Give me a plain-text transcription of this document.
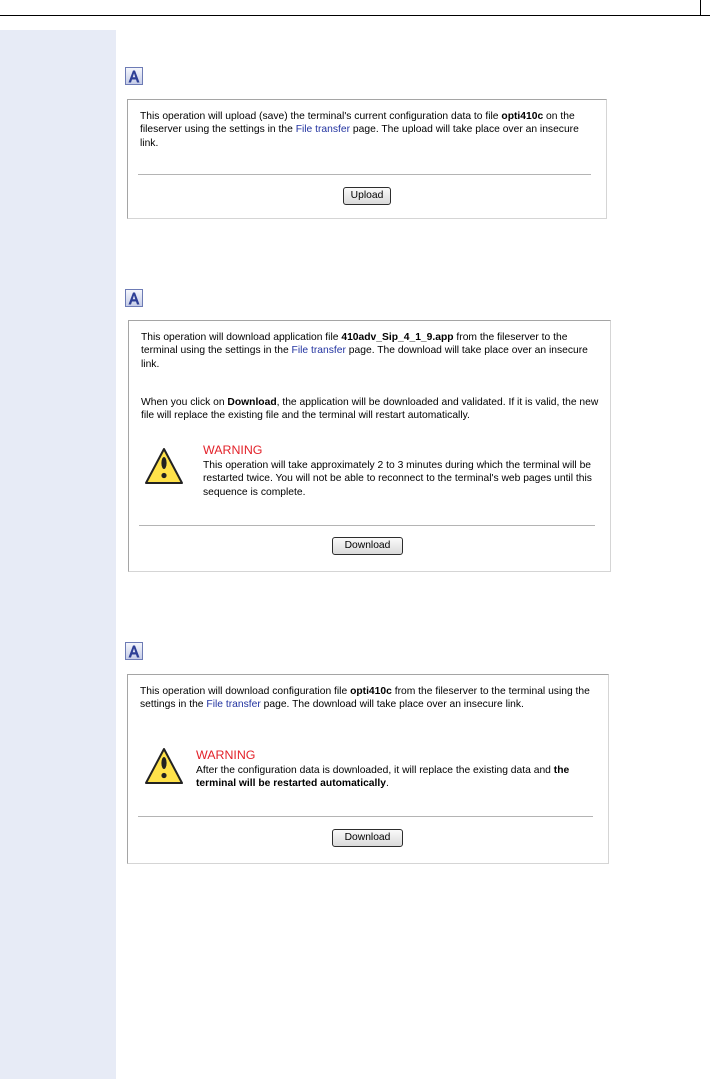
This operation will upload (save) the terminal's current configuration data to file opti410c on the fileserver using the settings in the File transfer page. The upload will take place over an insecure link.

Upload

This operation will download application file 410adv_Sip_4_1_9.app from the fileserver to the terminal using the settings in the File transfer page. The download will take place over an insecure link.

When you click on Download, the application will be downloaded and validated. If it is valid, the new file will replace the existing file and the terminal will restart automatically.

WARNING
This operation will take approximately 2 to 3 minutes during which the terminal will be restarted twice. You will not be able to reconnect to the terminal's web pages until this sequence is complete.
Download

This operation will download configuration file opti410c from the fileserver to the terminal using the settings in the File transfer page. The download will take place over an insecure link.

WARNING
After the configuration data is downloaded, it will replace the existing data and the terminal will be restarted automatically.
Download
